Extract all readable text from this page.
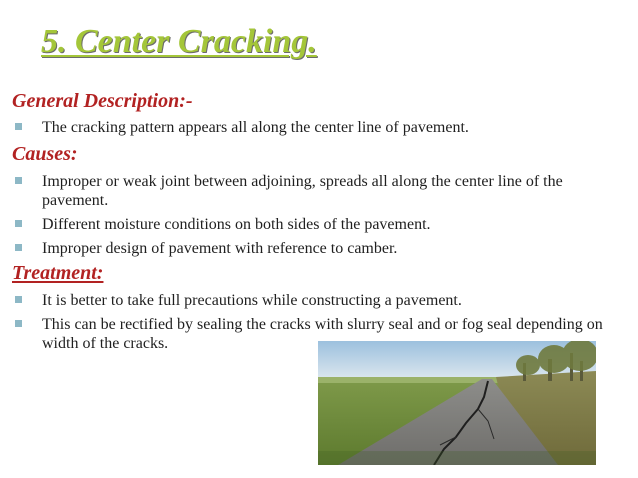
5. Center Cracking.
General Description:-
The cracking pattern appears all along the center line of pavement.
Causes:
Improper or weak joint between adjoining, spreads all along the center line of the pavement.
Different moisture conditions on both sides of the pavement.
Improper design of pavement with reference to camber.
Treatment:
It is better to take full precautions while constructing a pavement.
This can be rectified by sealing the cracks with slurry seal and or fog seal depending on width of the cracks.
